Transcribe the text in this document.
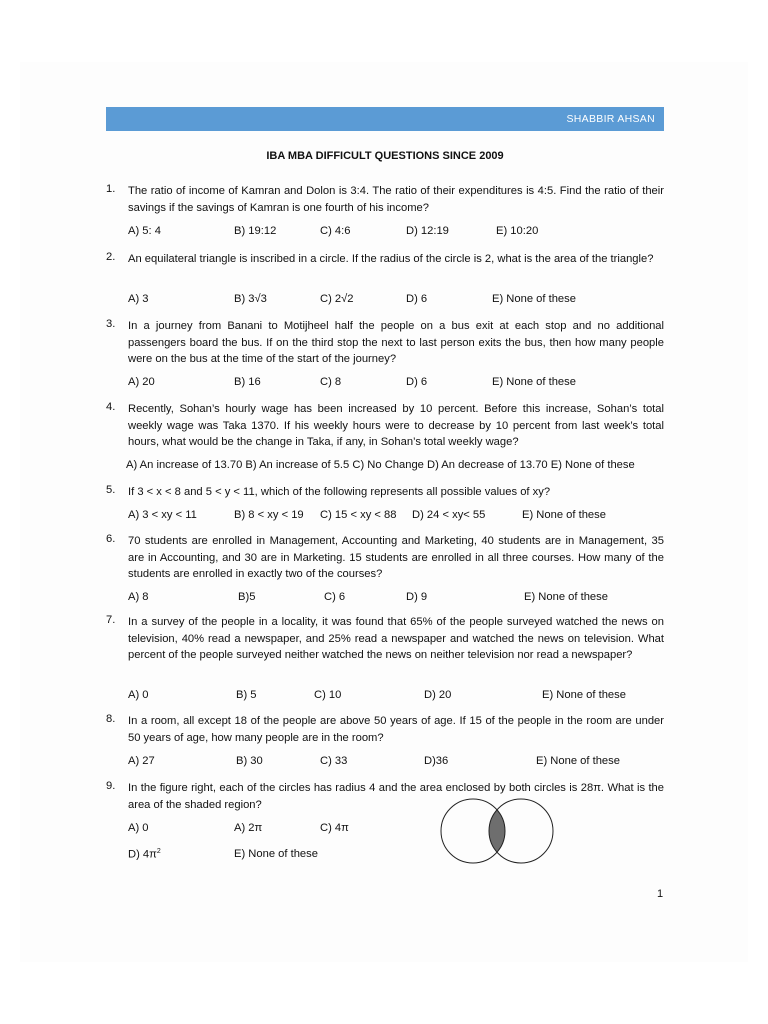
SHABBIR AHSAN
IBA MBA DIFFICULT QUESTIONS SINCE 2009
1. The ratio of income of Kamran and Dolon is 3:4. The ratio of their expenditures is 4:5. Find the ratio of their savings if the savings of Kamran is one fourth of his income?
A) 5: 4	B) 19:12	C) 4:6	D) 12:19	E) 10:20
2. An equilateral triangle is inscribed in a circle. If the radius of the circle is 2, what is the area of the triangle?
A) 3	B) 3√3	C) 2√2	D) 6	E) None of these
3. In a journey from Banani to Motijheel half the people on a bus exit at each stop and no additional passengers board the bus. If on the third stop the next to last person exits the bus, then how many people were on the bus at the time of the start of the journey?
A) 20	B) 16	C) 8	D) 6	E) None of these
4. Recently, Sohan’s hourly wage has been increased by 10 percent. Before this increase, Sohan’s total weekly wage was Taka 1370. If his weekly hours were to decrease by 10 percent from last week’s total hours, what would be the change in Taka, if any, in Sohan’s total weekly wage?
A) An increase of 13.70 B) An increase of 5.5 C) No Change D) An decrease of 13.70 E) None of these
5. If 3 < x < 8 and 5 < y < 11, which of the following represents all possible values of xy?
A) 3 < xy < 11	B) 8 < xy < 19 C) 15 < xy < 88 D) 24 < xy< 55	E) None of these
6. 70 students are enrolled in Management, Accounting and Marketing, 40 students are in Management, 35 are in Accounting, and 30 are in Marketing. 15 students are enrolled in all three courses. How many of the students are enrolled in exactly two of the courses?
A) 8	B)5	C) 6	D) 9	E) None of these
7. In a survey of the people in a locality, it was found that 65% of the people surveyed watched the news on television, 40% read a newspaper, and 25% read a newspaper and watched the news on television. What percent of the people surveyed neither watched the news on neither television nor read a newspaper?
A) 0	B) 5	C) 10	D) 20	E) None of these
8. In a room, all except 18 of the people are above 50 years of age. If 15 of the people in the room are under 50 years of age, how many people are in the room?
A) 27	B) 30	C) 33	D)36	E) None of these
9. In the figure right, each of the circles has radius 4 and the area enclosed by both circles is 28π. What is the area of the shaded region?
A) 0	A) 2π	C) 4π
D) $4\pi^2$	E) None of these
1
